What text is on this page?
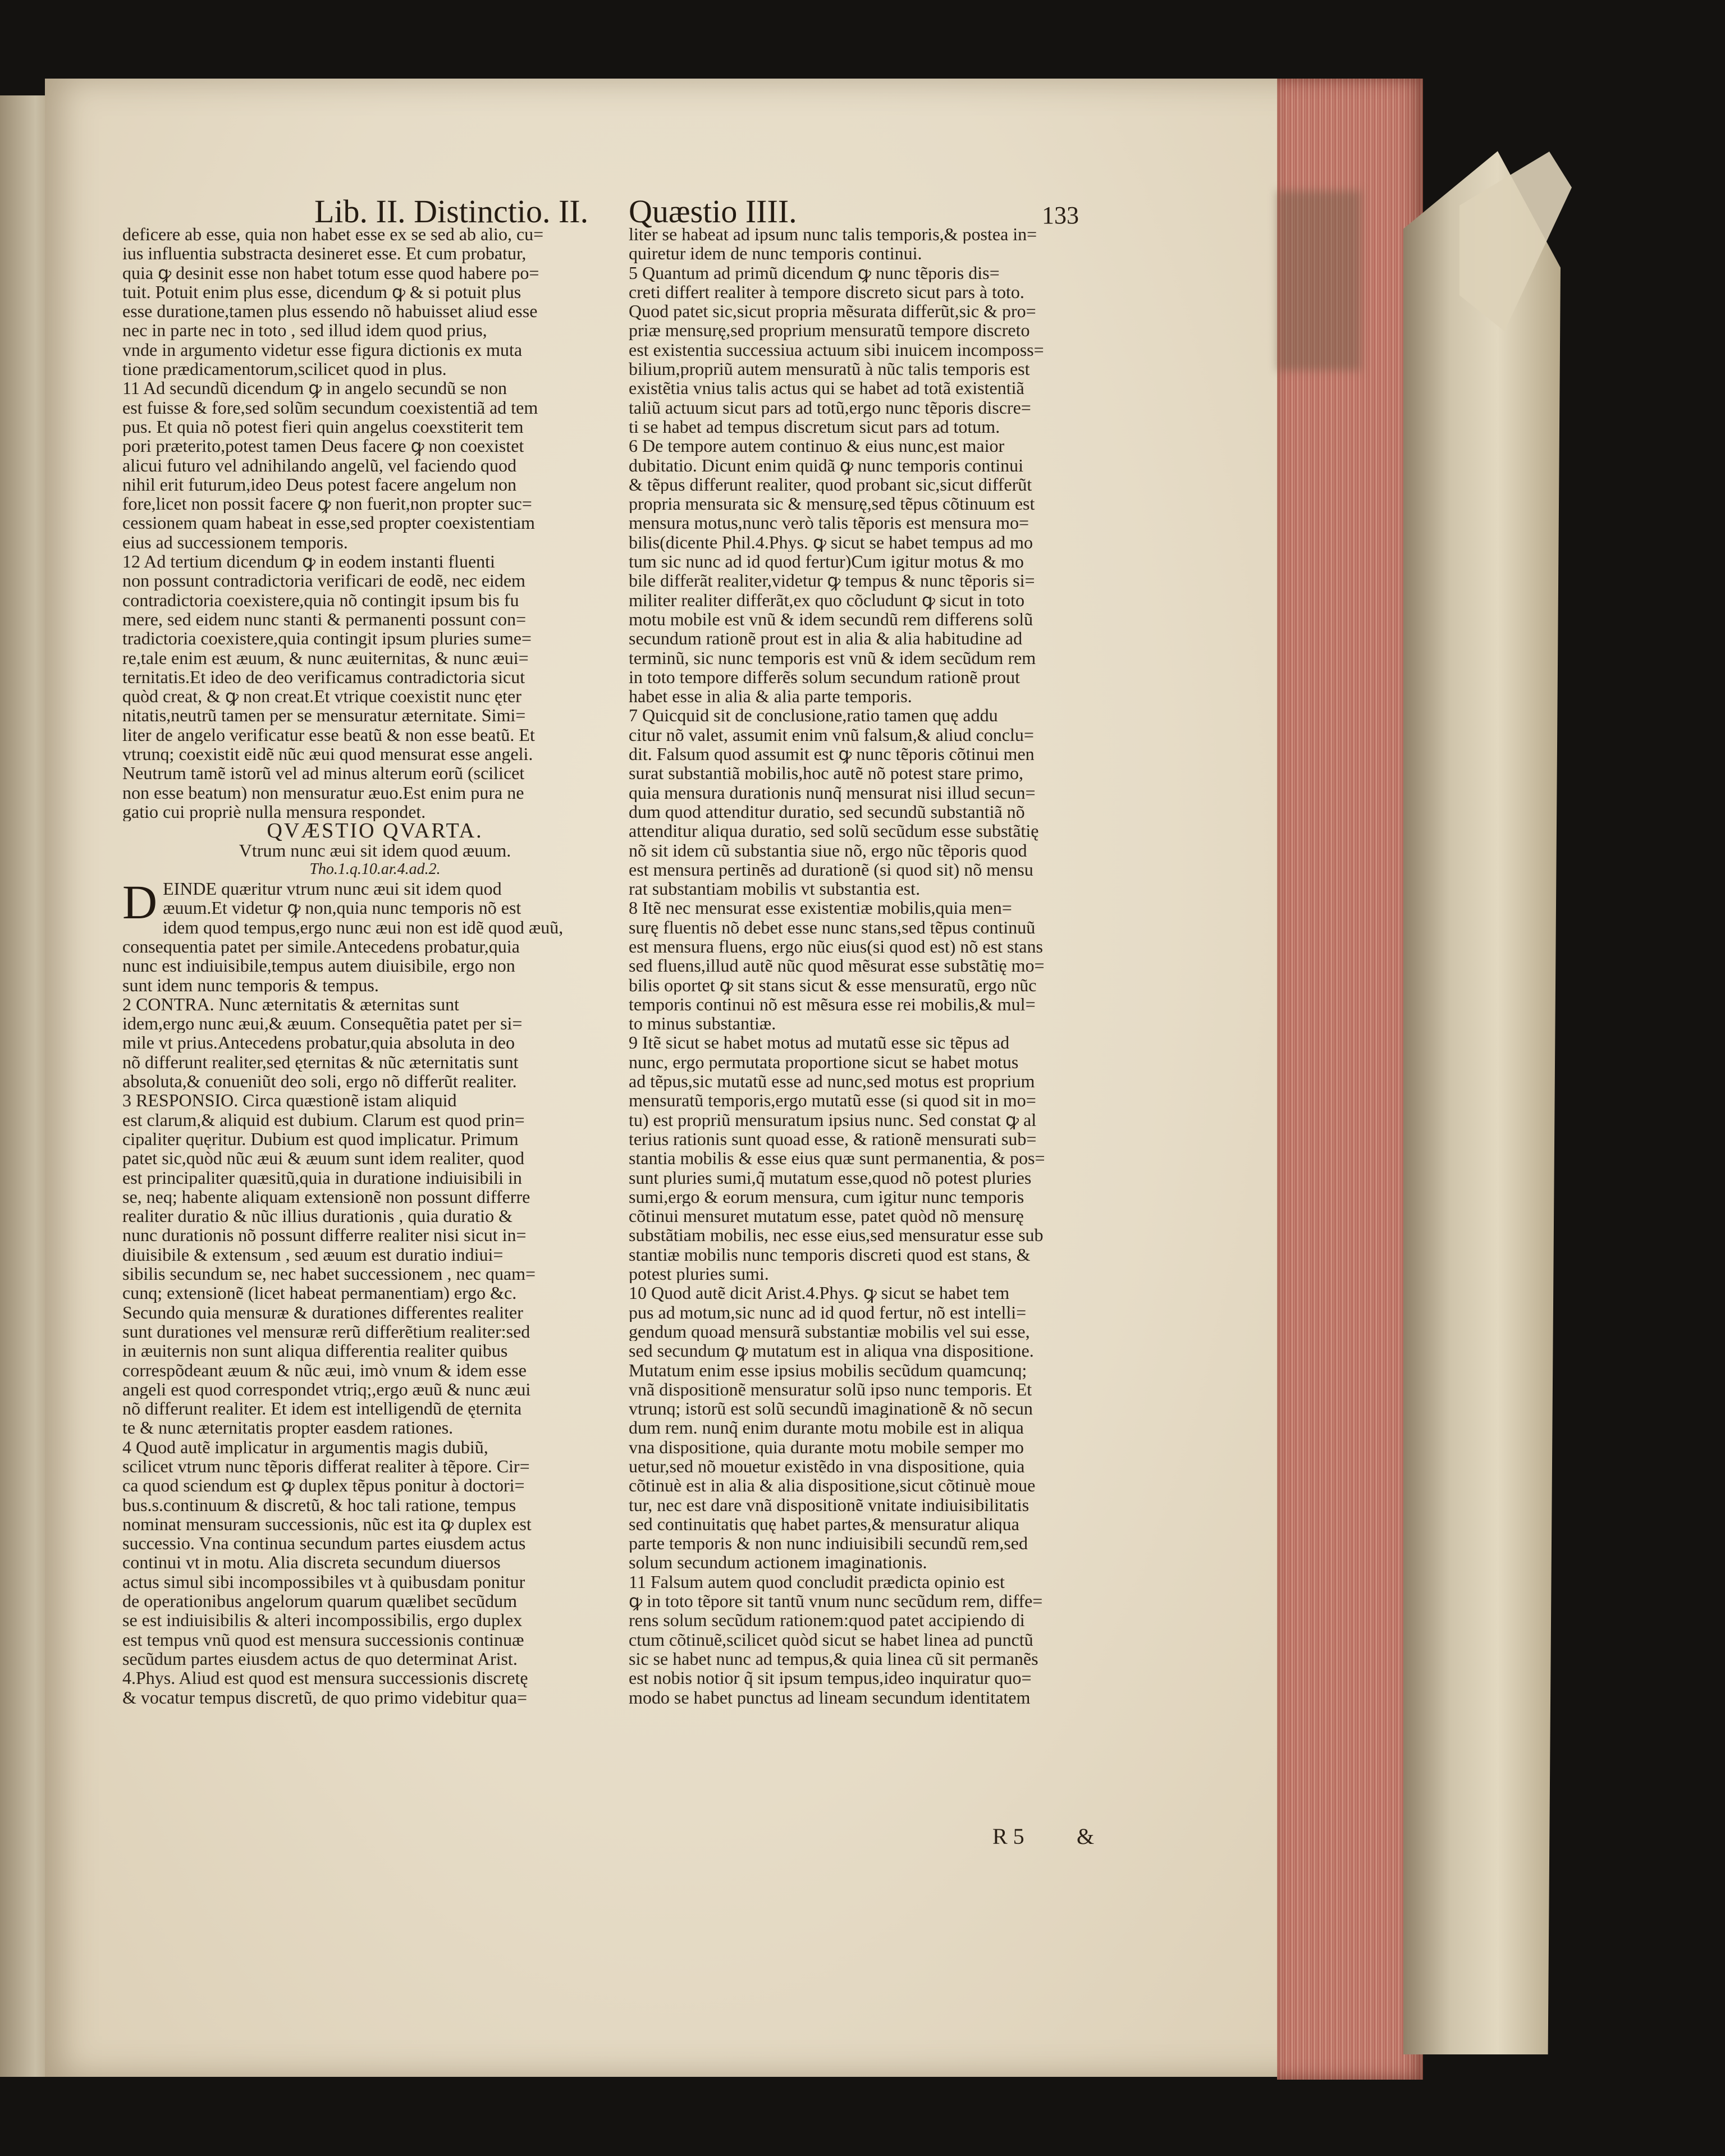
Lib. II. Distinctio. II. Quæstio IIII.	133

deficere ab esse, quia non habet esse ex se sed ab alio, cu=

ius influentia substracta desineret esse. Et cum probatur,

quia ꝙ desinit esse non habet totum esse quod habere po=

tuit. Potuit enim plus esse, dicendum ꝙ & si potuit plus

esse duratione,tamen plus essendo nõ habuisset aliud esse

nec in parte nec in toto , sed illud idem quod prius,

vnde in argumento videtur esse figura dictionis ex muta

tione prædicamentorum,scilicet quod in plus.

11 Ad secundũ dicendum ꝙ in angelo secundũ se non

est fuisse & fore,sed solũm secundum coexistentiã ad tem

pus. Et quia nõ potest fieri quin angelus coexstiterit tem

pori præterito,potest tamen Deus facere ꝙ non coexistet

alicui futuro vel adnihilando angelũ, vel faciendo quod

nihil erit futurum,ideo Deus potest facere angelum non

fore,licet non possit facere ꝙ non fuerit,non propter suc=

cessionem quam habeat in esse,sed propter coexistentiam

eius ad successionem temporis.

12 Ad tertium dicendum ꝙ in eodem instanti fluenti

non possunt contradictoria verificari de eodẽ, nec eidem

contradictoria coexistere,quia nõ contingit ipsum bis fu

mere, sed eidem nunc stanti & permanenti possunt con=

tradictoria coexistere,quia contingit ipsum pluries sume=

re,tale enim est æuum, & nunc æuiternitas, & nunc æui=

ternitatis.Et ideo de deo verificamus contradictoria sicut

quòd creat, & ꝙ non creat.Et vtrique coexistit nunc ęter

nitatis,neutrũ tamen per se mensuratur æternitate. Simi=

liter de angelo verificatur esse beatũ & non esse beatũ. Et

vtrunq; coexistit eidẽ nũc æui quod mensurat esse angeli.

Neutrum tamẽ istorũ vel ad minus alterum eorũ (scilicet

non esse beatum) non mensuratur æuo.Est enim pura ne

gatio cui propriè nulla mensura respondet.

QVÆSTIO QVARTA.

Vtrum nunc æui sit idem quod æuum.

Tho.1.q.10.ar.4.ad.2.

D EINDE quæritur vtrum nunc æui sit idem quod

æuum.Et videtur ꝙ non,quia nunc temporis nõ est

idem quod tempus,ergo nunc æui non est idẽ quod æuũ,

consequentia patet per simile.Antecedens probatur,quia

nunc est indiuisibile,tempus autem diuisibile, ergo non

sunt idem nunc temporis & tempus.

2 CONTRA. Nunc æternitatis & æternitas sunt

idem,ergo nunc æui,& æuum. Consequẽtia patet per si=

mile vt prius.Antecedens probatur,quia absoluta in deo

nõ differunt realiter,sed ęternitas & nũc æternitatis sunt

absoluta,& conueniũt deo soli, ergo nõ differũt realiter.

3 RESPONSIO. Circa quæstionẽ istam aliquid

est clarum,& aliquid est dubium. Clarum est quod prin=

cipaliter quęritur. Dubium est quod implicatur. Primum

patet sic,quòd nũc æui & æuum sunt idem realiter, quod

est principaliter quæsitũ,quia in duratione indiuisibili in

se, neq; habente aliquam extensionẽ non possunt differre

realiter duratio & nũc illius durationis , quia duratio &

nunc durationis nõ possunt differre realiter nisi sicut in=

diuisibile & extensum , sed æuum est duratio indiui=

sibilis secundum se, nec habet successionem , nec quam=

cunq; extensionẽ (licet habeat permanentiam) ergo &c.

Secundo quia mensuræ & durationes differentes realiter

sunt durationes vel mensuræ rerũ differẽtium realiter:sed

in æuiternis non sunt aliqua differentia realiter quibus

correspõdeant æuum & nũc æui, imò vnum & idem esse

angeli est quod correspondet vtriq;,ergo æuũ & nunc æui

nõ differunt realiter. Et idem est intelligendũ de ęternita

te & nunc æternitatis propter easdem rationes.

4 Quod autẽ implicatur in argumentis magis dubiũ,

scilicet vtrum nunc tẽporis differat realiter à tẽpore. Cir=

ca quod sciendum est ꝙ duplex tẽpus ponitur à doctori=

bus.s.continuum & discretũ, & hoc tali ratione, tempus

nominat mensuram successionis, nũc est ita ꝙ duplex est

successio. Vna continua secundum partes eiusdem actus

continui vt in motu. Alia discreta secundum diuersos

actus simul sibi incompossibiles vt à quibusdam ponitur

de operationibus angelorum quarum quælibet secũdum

se est indiuisibilis & alteri incompossibilis, ergo duplex

est tempus vnũ quod est mensura successionis continuæ

secũdum partes eiusdem actus de quo determinat Arist.

4.Phys. Aliud est quod est mensura successionis discretę

& vocatur tempus discretũ, de quo primo videbitur qua=

liter se habeat ad ipsum nunc talis temporis,& postea in=

quiretur idem de nunc temporis continui.

5 Quantum ad primũ dicendum ꝙ nunc tẽporis dis=

creti differt realiter à tempore discreto sicut pars à toto.

Quod patet sic,sicut propria mẽsurata differũt,sic & pro=

priæ mensurę,sed proprium mensuratũ tempore discreto

est existentia successiua actuum sibi inuicem incomposs=

bilium,propriũ autem mensuratũ à nũc talis temporis est

existẽtia vnius talis actus qui se habet ad totã existentiã

taliũ actuum sicut pars ad totũ,ergo nunc tẽporis discre=

ti se habet ad tempus discretum sicut pars ad totum.

6 De tempore autem continuo & eius nunc,est maior

dubitatio. Dicunt enim quidã ꝙ nunc temporis continui

& tẽpus differunt realiter, quod probant sic,sicut differũt

propria mensurata sic & mensurę,sed tẽpus cõtinuum est

mensura motus,nunc verò talis tẽporis est mensura mo=

bilis(dicente Phil.4.Phys. ꝙ sicut se habet tempus ad mo

tum sic nunc ad id quod fertur)Cum igitur motus & mo

bile differãt realiter,videtur ꝙ tempus & nunc tẽporis si=

militer realiter differãt,ex quo cõcludunt ꝙ sicut in toto

motu mobile est vnũ & idem secundũ rem differens solũ

secundum rationẽ prout est in alia & alia habitudine ad

terminũ, sic nunc temporis est vnũ & idem secũdum rem

in toto tempore differẽs solum secundum rationẽ prout

habet esse in alia & alia parte temporis.

7 Quicquid sit de conclusione,ratio tamen quę addu

citur nõ valet, assumit enim vnũ falsum,& aliud conclu=

dit. Falsum quod assumit est ꝙ nunc tẽporis cõtinui men

surat substantiã mobilis,hoc autẽ nõ potest stare primo,

quia mensura durationis nunq̃ mensurat nisi illud secun=

dum quod attenditur duratio, sed secundũ substantiã nõ

attenditur aliqua duratio, sed solũ secũdum esse substãtię

nõ sit idem cũ substantia siue nõ, ergo nũc tẽporis quod

est mensura pertinẽs ad durationẽ (si quod sit) nõ mensu

rat substantiam mobilis vt substantia est.

8 Itẽ nec mensurat esse existentiæ mobilis,quia men=

surę fluentis nõ debet esse nunc stans,sed tẽpus continuũ

est mensura fluens, ergo nũc eius(si quod est) nõ est stans

sed fluens,illud autẽ nũc quod mẽsurat esse substãtię mo=

bilis oportet ꝙ sit stans sicut & esse mensuratũ, ergo nũc

temporis continui nõ est mẽsura esse rei mobilis,& mul=

to minus substantiæ.

9 Itẽ sicut se habet motus ad mutatũ esse sic tẽpus ad

nunc, ergo permutata proportione sicut se habet motus

ad tẽpus,sic mutatũ esse ad nunc,sed motus est proprium

mensuratũ temporis,ergo mutatũ esse (si quod sit in mo=

tu) est propriũ mensuratum ipsius nunc. Sed constat ꝙ al

terius rationis sunt quoad esse, & rationẽ mensurati sub=

stantia mobilis & esse eius quæ sunt permanentia, & pos=

sunt pluries sumi,q̃ mutatum esse,quod nõ potest pluries

sumi,ergo & eorum mensura, cum igitur nunc temporis

cõtinui mensuret mutatum esse, patet quòd nõ mensurę

substãtiam mobilis, nec esse eius,sed mensuratur esse sub

stantiæ mobilis nunc temporis discreti quod est stans, &

potest pluries sumi.

10 Quod autẽ dicit Arist.4.Phys. ꝙ sicut se habet tem

pus ad motum,sic nunc ad id quod fertur, nõ est intelli=

gendum quoad mensurã substantiæ mobilis vel sui esse,

sed secundum ꝙ mutatum est in aliqua vna dispositione.

Mutatum enim esse ipsius mobilis secũdum quamcunq;

vnã dispositionẽ mensuratur solũ ipso nunc temporis. Et

vtrunq; istorũ est solũ secundũ imaginationẽ & nõ secun

dum rem. nunq̃ enim durante motu mobile est in aliqua

vna dispositione, quia durante motu mobile semper mo

uetur,sed nõ mouetur existẽdo in vna dispositione, quia

cõtinuè est in alia & alia dispositione,sicut cõtinuè moue

tur, nec est dare vnã dispositionẽ vnitate indiuisibilitatis

sed continuitatis quę habet partes,& mensuratur aliqua

parte temporis & non nunc indiuisibili secundũ rem,sed

solum secundum actionem imaginationis.

11 Falsum autem quod concludit prædicta opinio est

ꝙ in toto tẽpore sit tantũ vnum nunc secũdum rem, diffe=

rens solum secũdum rationem:quod patet accipiendo di

ctum cõtinuẽ,scilicet quòd sicut se habet linea ad punctũ

sic se habet nunc ad tempus,& quia linea cũ sit permanẽs

est nobis notior q̃ sit ipsum tempus,ideo inquiratur quo=

modo se habet punctus ad lineam secundum identitatem

R 5 &
